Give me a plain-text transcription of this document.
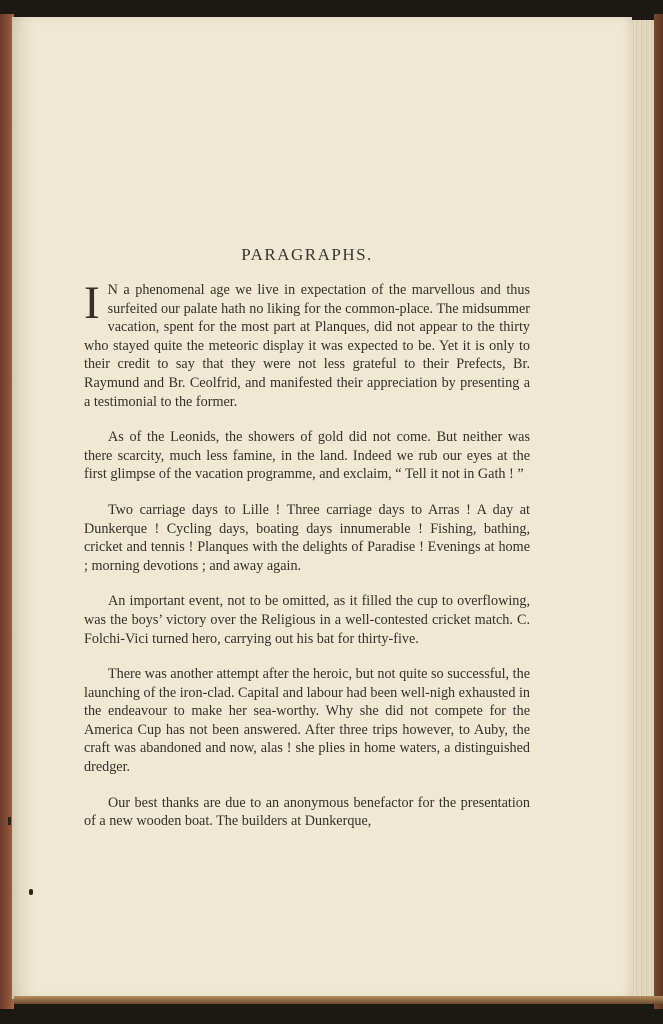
PARAGRAPHS.

I N a phenomenal age we live in expectation of the marvellous and thus surfeited our palate hath no liking for the common-place. The midsummer vacation, spent for the most part at Planques, did not appear to the thirty who stayed quite the meteoric display it was expected to be. Yet it is only to their credit to say that they were not less grateful to their Prefects, Br. Raymund and Br. Ceolfrid, and manifested their appreciation by presenting a a testimonial to the former.

As of the Leonids, the showers of gold did not come. But neither was there scarcity, much less famine, in the land. Indeed we rub our eyes at the first glimpse of the vacation programme, and exclaim, “ Tell it not in Gath ! ”

Two carriage days to Lille ! Three carriage days to Arras ! A day at Dunkerque ! Cycling days, boating days innumerable ! Fishing, bathing, cricket and tennis ! Planques with the delights of Paradise ! Evenings at home ; morning devotions ; and away again.

An important event, not to be omitted, as it filled the cup to overflowing, was the boys’ victory over the Religious in a well-contested cricket match. C. Folchi-Vici turned hero, carrying out his bat for thirty-five.

There was another attempt after the heroic, but not quite so successful, the launching of the iron-clad. Capital and labour had been well-nigh exhausted in the endeavour to make her sea-worthy. Why she did not compete for the America Cup has not been answered. After three trips however, to Auby, the craft was abandoned and now, alas ! she plies in home waters, a distinguished dredger.

Our best thanks are due to an anonymous benefactor for the presentation of a new wooden boat. The builders at Dunkerque,
